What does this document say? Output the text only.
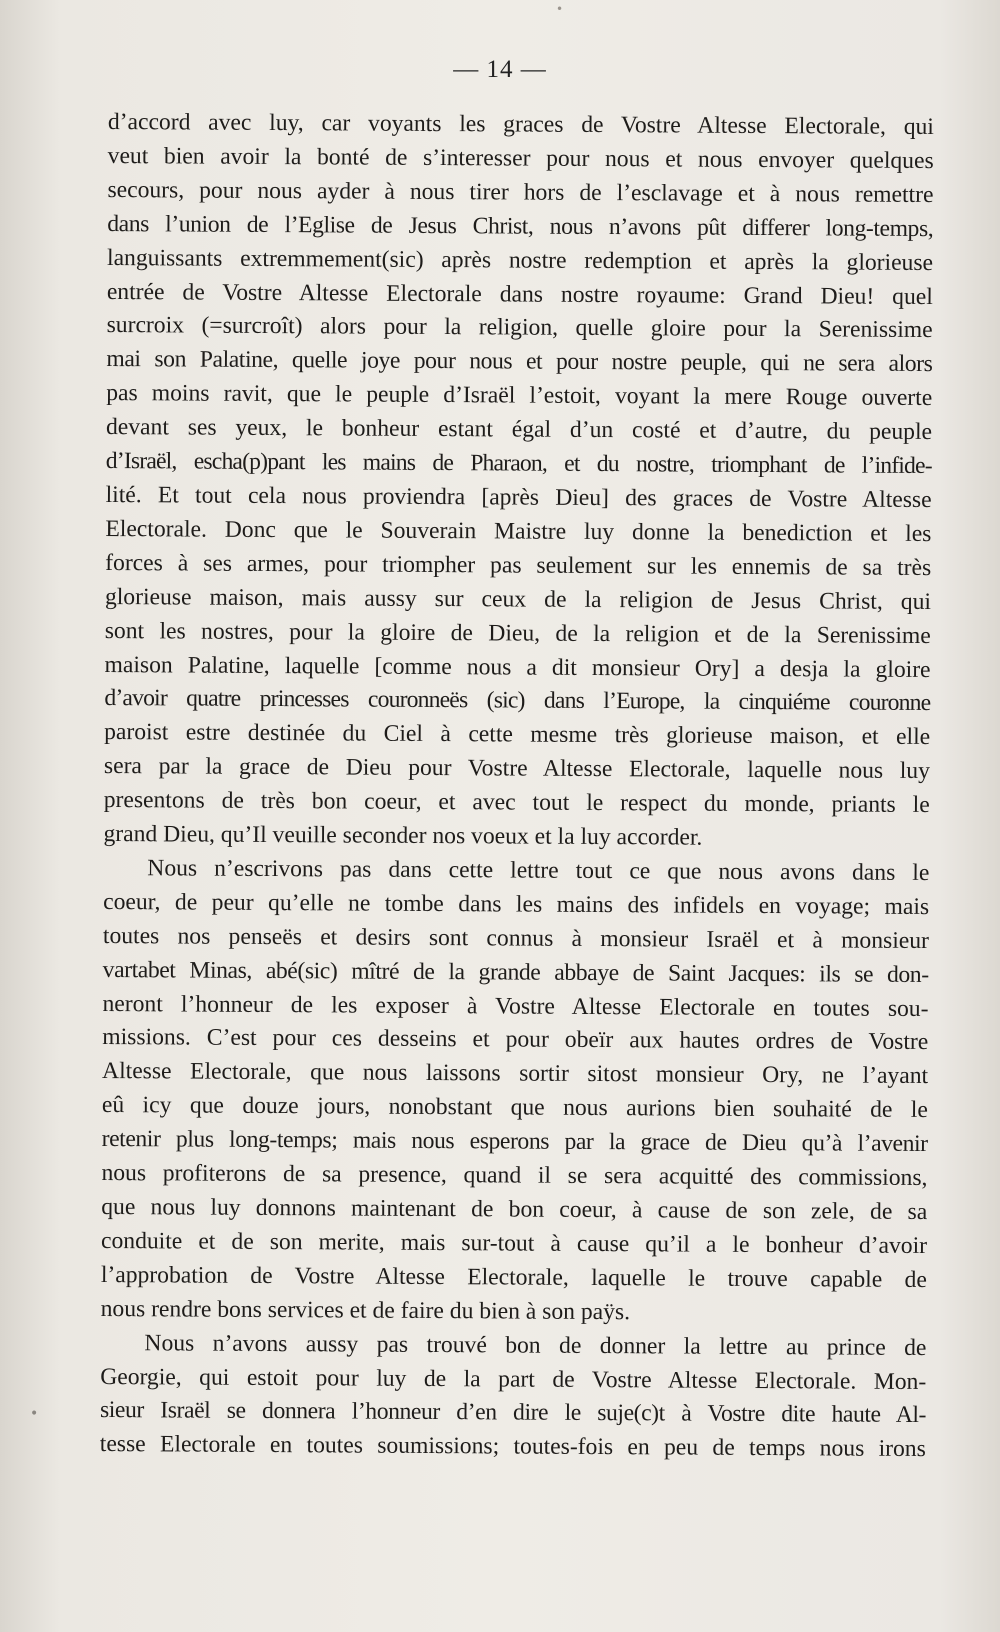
•
— 14 —
d’accord avec luy, car voyants les graces de Vostre Altesse Electorale, qui
veut bien avoir la bonté de s’interesser pour nous et nous envoyer quelques
secours, pour nous ayder à nous tirer hors de l’esclavage et à nous remettre
dans l’union de l’Eglise de Jesus Christ, nous n’avons pût differer long-temps,
languissants extremmement(sic) après nostre redemption et après la glorieuse
entrée de Vostre Altesse Electorale dans nostre royaume: Grand Dieu! quel
surcroix (=surcroît) alors pour la religion, quelle gloire pour la Serenissime
mai son Palatine, quelle joye pour nous et pour nostre peuple, qui ne sera alors
pas moins ravit, que le peuple d’Israël l’estoit, voyant la mere Rouge ouverte
devant ses yeux, le bonheur estant égal d’un costé et d’autre, du peuple
d’Israël, escha(p)pant les mains de Pharaon, et du nostre, triomphant de l’infide-
lité. Et tout cela nous proviendra [après Dieu] des graces de Vostre Altesse
Electorale. Donc que le Souverain Maistre luy donne la benediction et les
forces à ses armes, pour triompher pas seulement sur les ennemis de sa très
glorieuse maison, mais aussy sur ceux de la religion de Jesus Christ, qui
sont les nostres, pour la gloire de Dieu, de la religion et de la Serenissime
maison Palatine, laquelle [comme nous a dit monsieur Ory] a desja la gloire
d’avoir quatre princesses couronneës (sic) dans l’Europe, la cinquiéme couronne
paroist estre destinée du Ciel à cette mesme très glorieuse maison, et elle
sera par la grace de Dieu pour Vostre Altesse Electorale, laquelle nous luy
presentons de très bon coeur, et avec tout le respect du monde, priants le
grand Dieu, qu’Il veuille seconder nos voeux et la luy accorder.
Nous n’escrivons pas dans cette lettre tout ce que nous avons dans le
coeur, de peur qu’elle ne tombe dans les mains des infidels en voyage; mais
toutes nos penseës et desirs sont connus à monsieur Israël et à monsieur
vartabet Minas, abé(sic) mîtré de la grande abbaye de Saint Jacques: ils se don-
neront l’honneur de les exposer à Vostre Altesse Electorale en toutes sou-
missions. C’est pour ces desseins et pour obeïr aux hautes ordres de Vostre
Altesse Electorale, que nous laissons sortir sitost monsieur Ory, ne l’ayant
eû icy que douze jours, nonobstant que nous aurions bien souhaité de le
retenir plus long-temps; mais nous esperons par la grace de Dieu qu’à l’avenir
nous profiterons de sa presence, quand il se sera acquitté des commissions,
que nous luy donnons maintenant de bon coeur, à cause de son zele, de sa
conduite et de son merite, mais sur-tout à cause qu’il a le bonheur d’avoir
l’approbation de Vostre Altesse Electorale, laquelle le trouve capable de
nous rendre bons services et de faire du bien à son paÿs.
Nous n’avons aussy pas trouvé bon de donner la lettre au prince de
Georgie, qui estoit pour luy de la part de Vostre Altesse Electorale. Mon-
sieur Israël se donnera l’honneur d’en dire le suje(c)t à Vostre dite haute Al-
tesse Electorale en toutes soumissions; toutes-fois en peu de temps nous irons
•
